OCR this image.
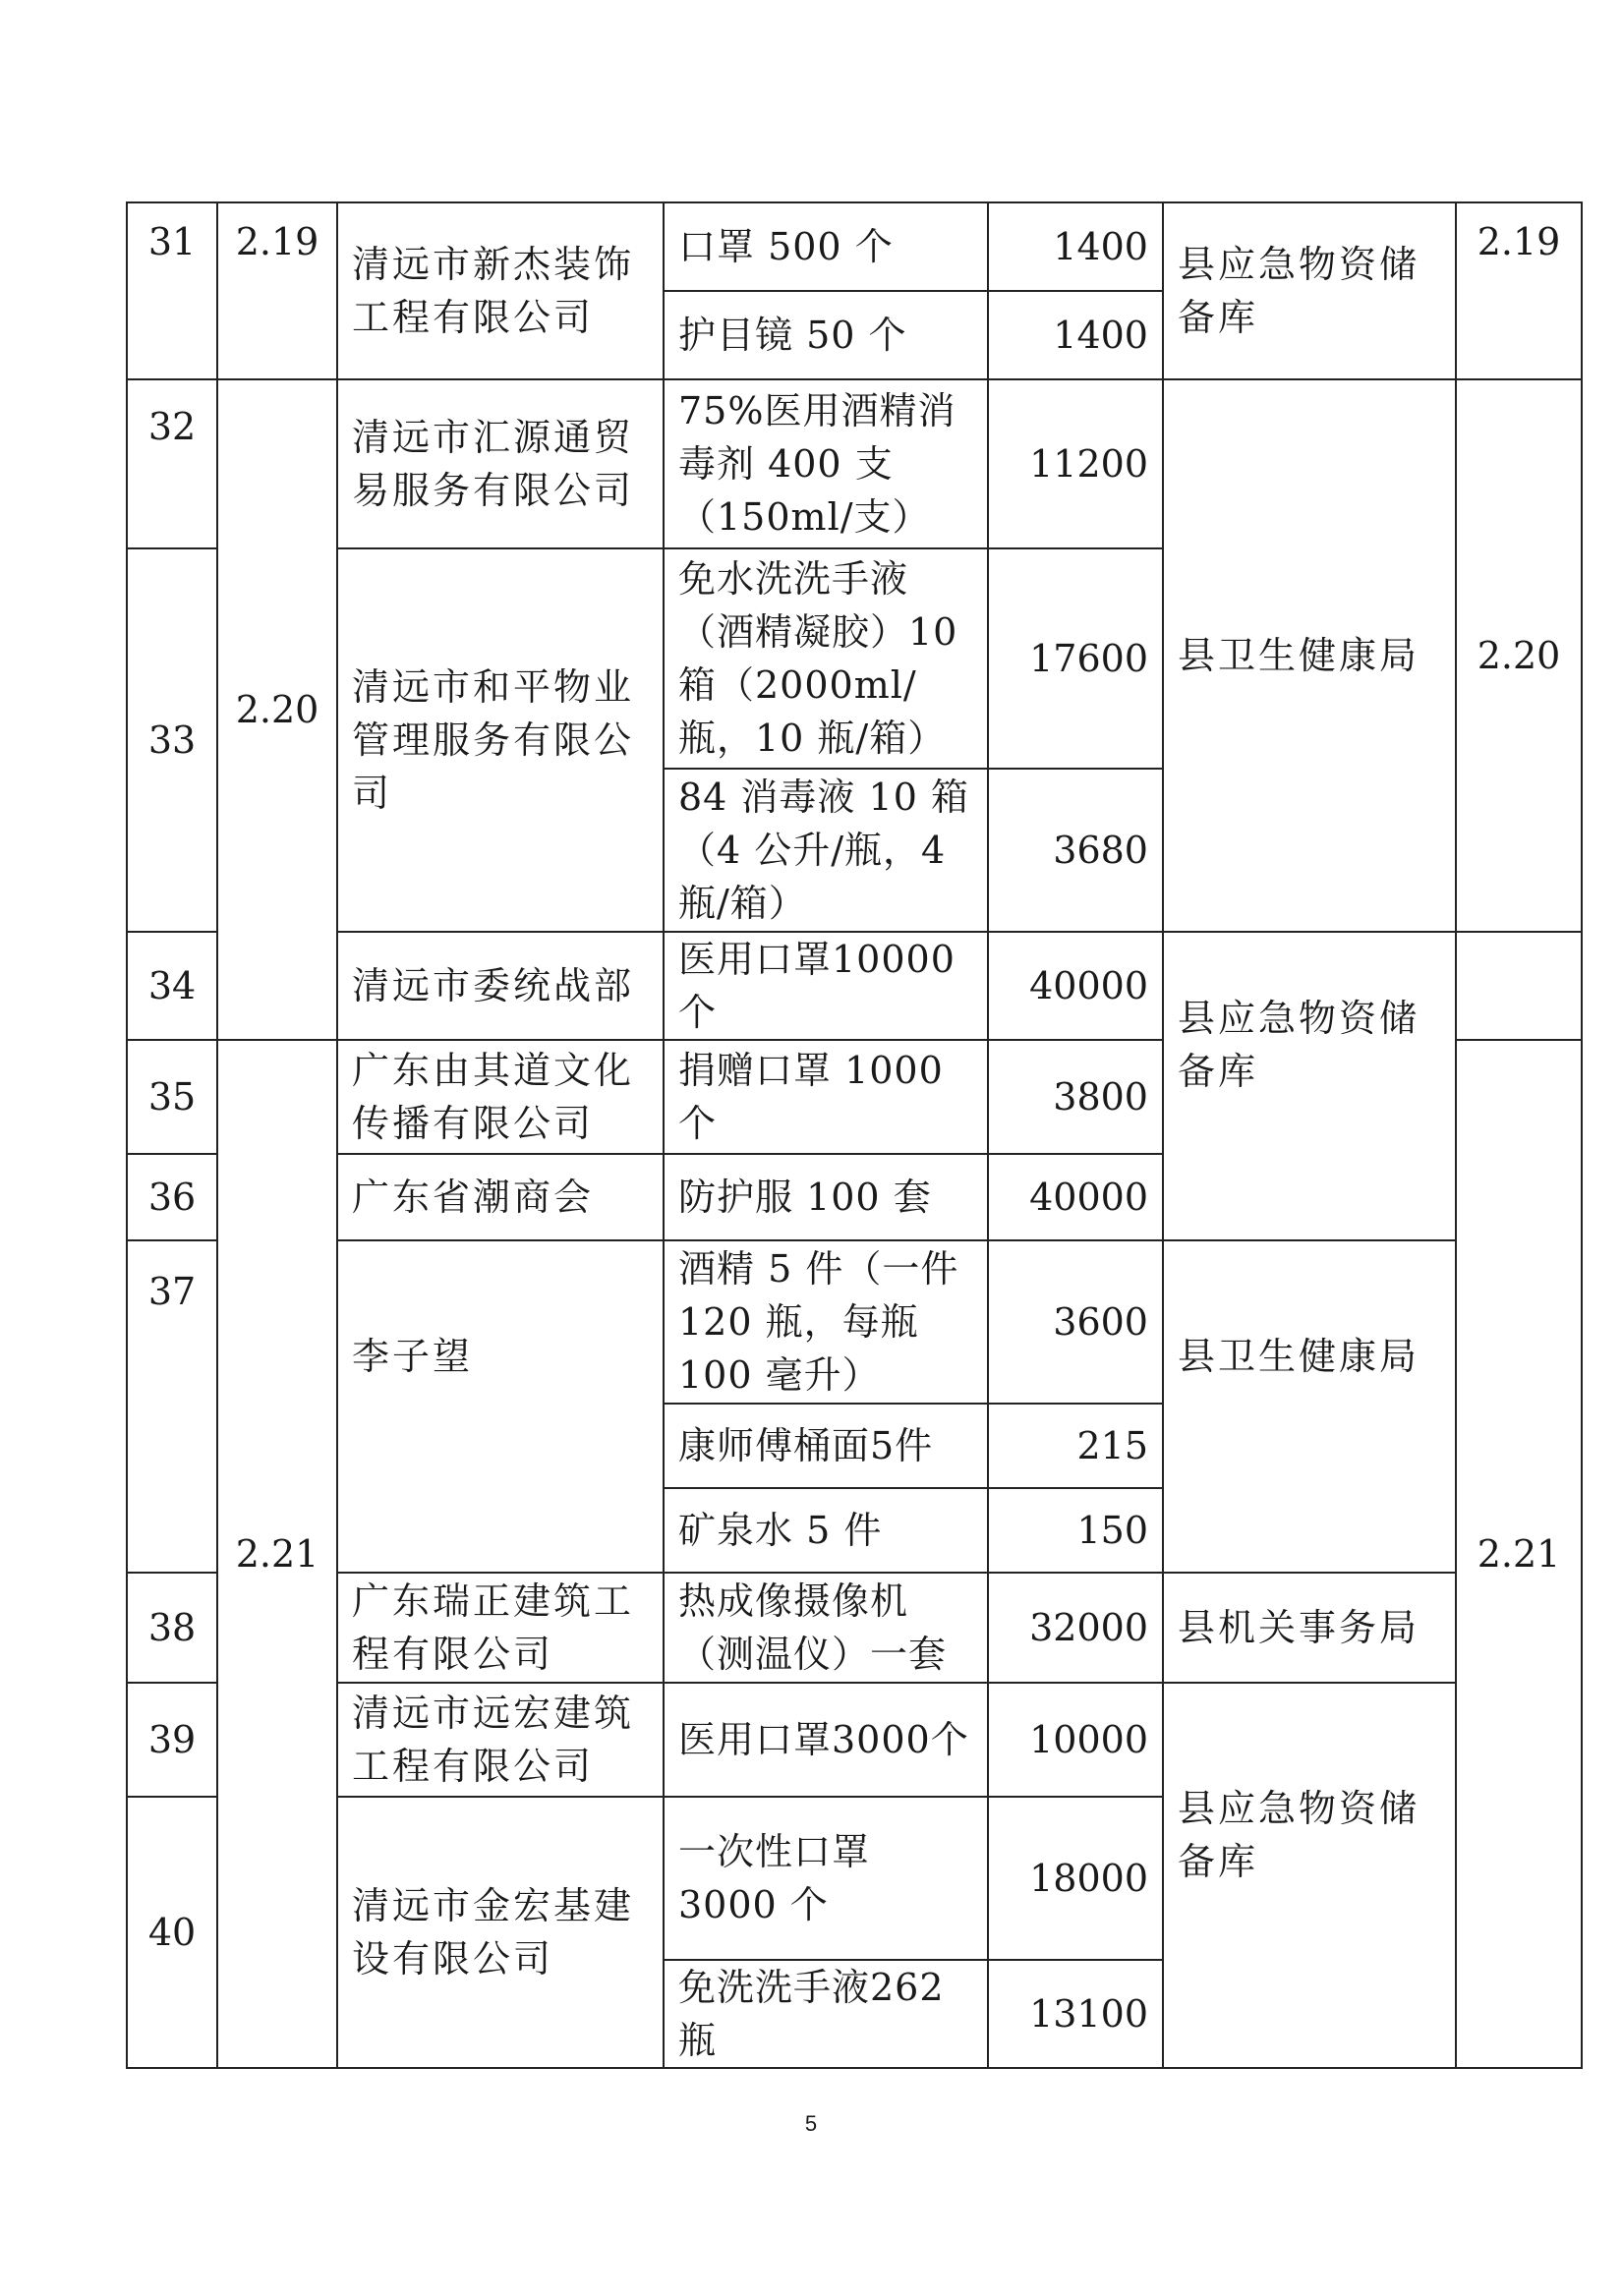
31	2.19	清远市新杰装饰工程有限公司	口罩 500 个	1400	县应急物资储备库	2.19
			护目镜 50 个	1400		
32	2.20	清远市汇源通贸易服务有限公司	75%医用酒精消毒剂 400 支（150ml/支）	11200	县卫生健康局	2.20
33		清远市和平物业管理服务有限公司	免水洗洗手液（酒精凝胶）10 箱（2000ml/瓶，10 瓶/箱）	17600		
			84 消毒液 10 箱（4 公升/瓶，4 瓶/箱）	3680		
34		清远市委统战部	医用口罩10000个	40000	县应急物资储备库	
35	2.21	广东由其道文化传播有限公司	捐赠口罩 1000 个	3800		2.21
36		广东省潮商会	防护服 100 套	40000		
37		李子望	酒精 5 件（一件 120 瓶，每瓶 100 毫升）	3600	县卫生健康局	
			康师傅桶面5件	215		
			矿泉水 5 件	150		
38		广东瑞正建筑工程有限公司	热成像摄像机（测温仪）一套	32000	县机关事务局	
39		清远市远宏建筑工程有限公司	医用口罩3000个	10000	县应急物资储备库	
40		清远市金宏基建设有限公司	一次性口罩 3000 个	18000		
			免洗洗手液262瓶	13100		
5
